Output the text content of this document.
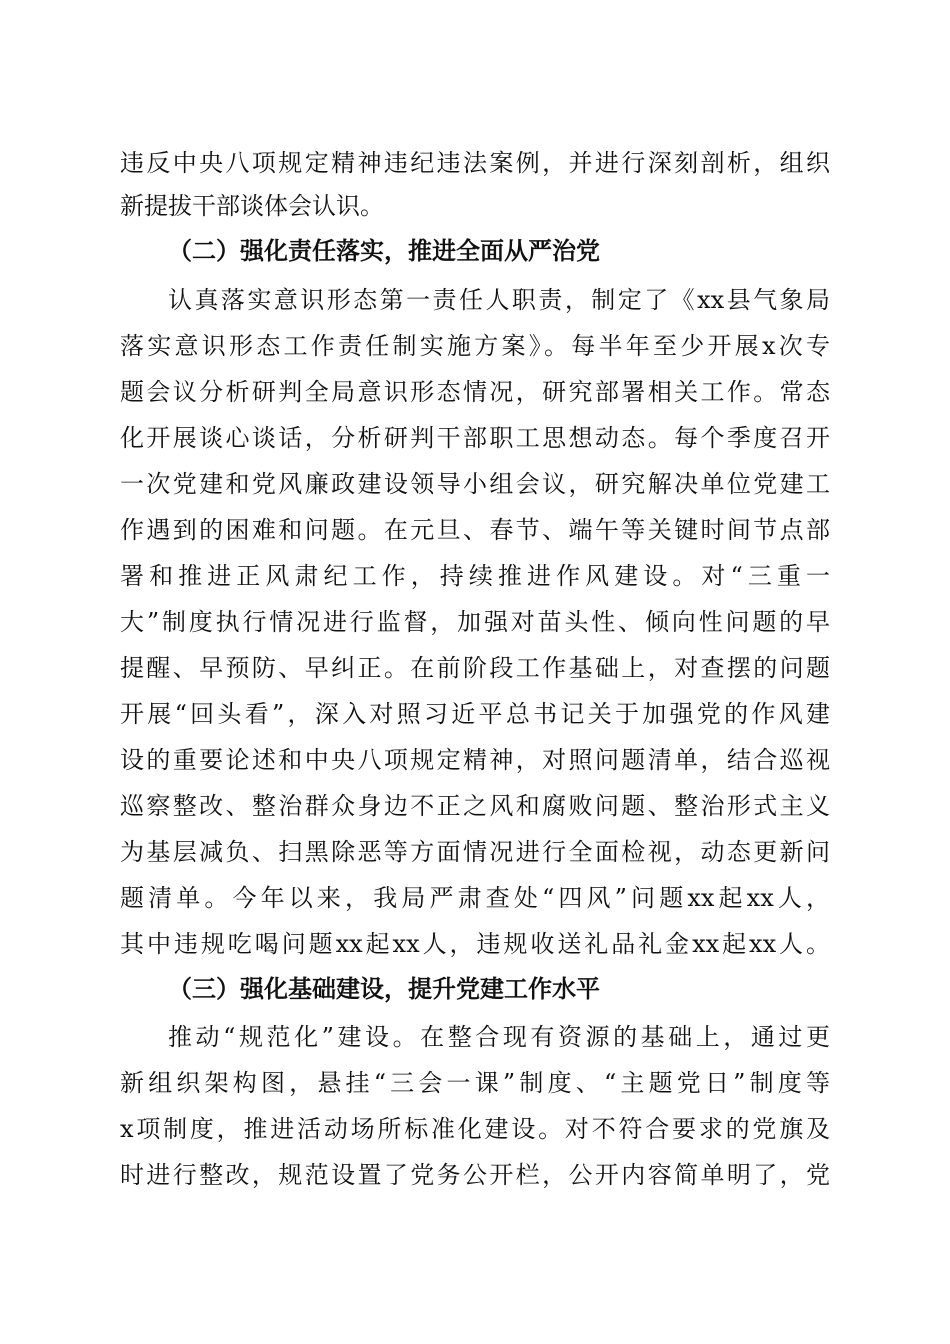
违反中央八项规定精神违纪违法案例，并进行深刻剖析，组织
新提拔干部谈体会认识。
（二）强化责任落实，推进全面从严治党
认真落实意识形态第一责任人职责，制定了《xx县气象局
落实意识形态工作责任制实施方案》。每半年至少开展x次专
题会议分析研判全局意识形态情况，研究部署相关工作。常态
化开展谈心谈话，分析研判干部职工思想动态。每个季度召开
一次党建和党风廉政建设领导小组会议，研究解决单位党建工
作遇到的困难和问题。在元旦、春节、端午等关键时间节点部
署和推进正风肃纪工作，持续推进作风建设。对“三重一
大”制度执行情况进行监督，加强对苗头性、倾向性问题的早
提醒、早预防、早纠正。在前阶段工作基础上，对查摆的问题
开展“回头看”，深入对照习近平总书记关于加强党的作风建
设的重要论述和中央八项规定精神，对照问题清单，结合巡视
巡察整改、整治群众身边不正之风和腐败问题、整治形式主义
为基层减负、扫黑除恶等方面情况进行全面检视，动态更新问
题清单。今年以来，我局严肃查处“四风”问题xx起xx人，
其中违规吃喝问题xx起xx人，违规收送礼品礼金xx起xx人。
（三）强化基础建设，提升党建工作水平
推动“规范化”建设。在整合现有资源的基础上，通过更
新组织架构图，悬挂“三会一课”制度、“主题党日”制度等
x项制度，推进活动场所标准化建设。对不符合要求的党旗及
时进行整改，规范设置了党务公开栏，公开内容简单明了，党
